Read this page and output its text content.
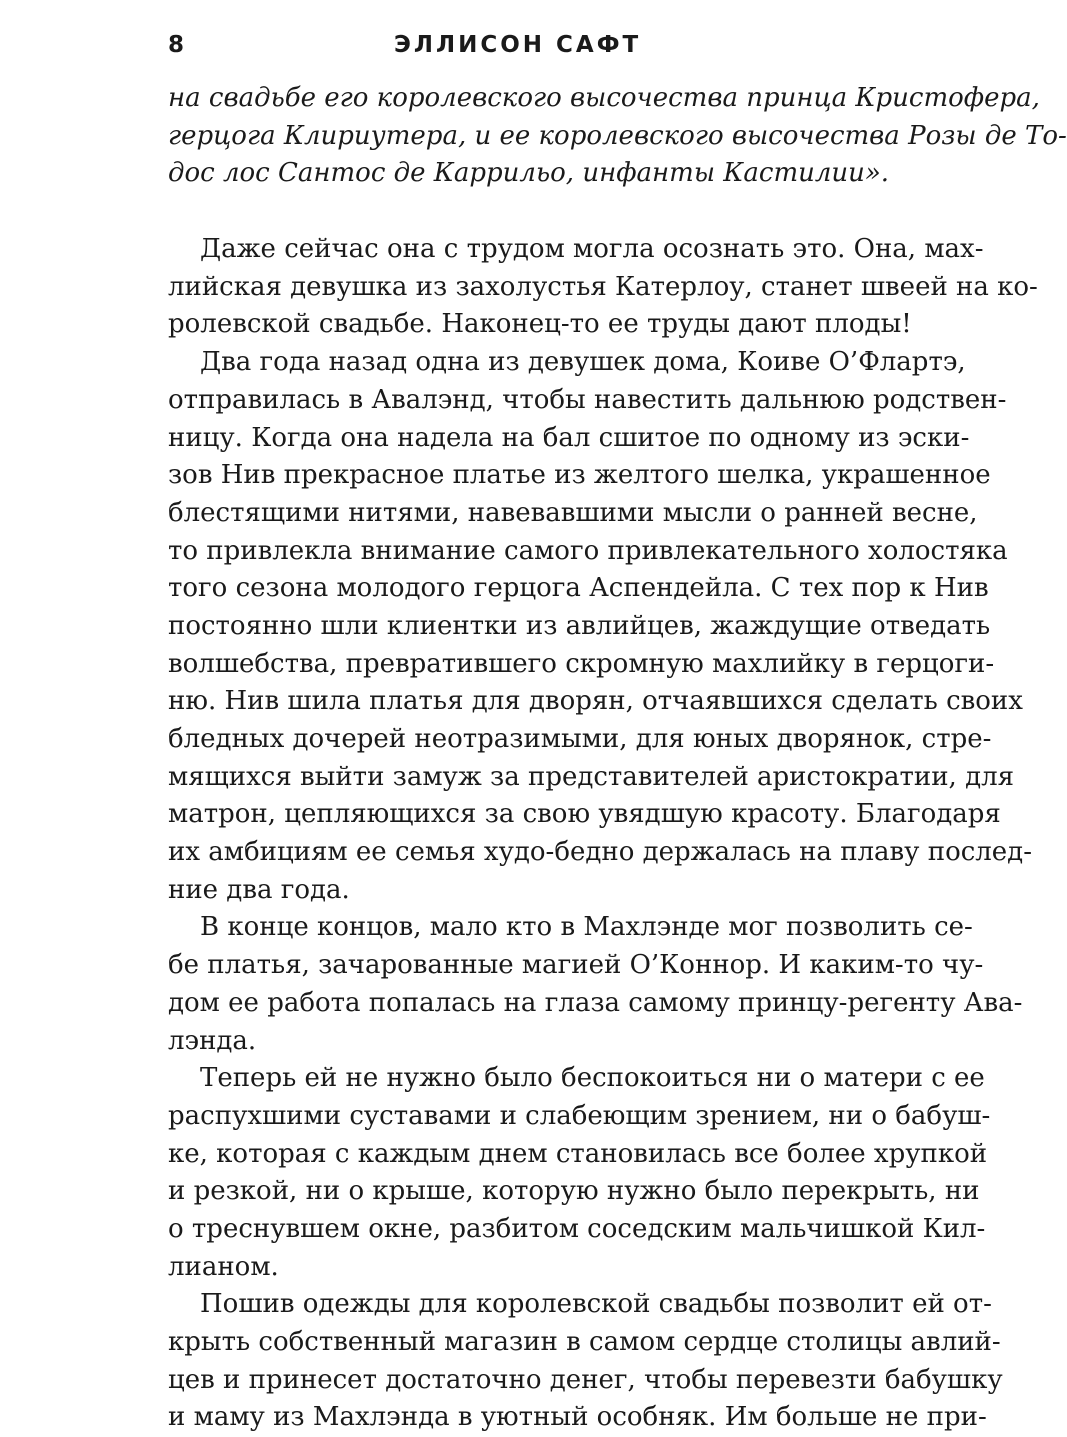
8	ЭЛЛИСОН САФТ
на свадьбе его королевского высочества принца Кристофера,
герцога Клириутера, и ее королевского высочества Розы де То-
дос лос Сантос де Каррильо, инфанты Кастилии».
Даже сейчас она с трудом могла осознать это. Она, мах-
лийская девушка из захолустья Катерлоу, станет швеей на ко-
ролевской свадьбе. Наконец-то ее труды дают плоды!
Два года назад одна из девушек дома, Коиве О’Флартэ,
отправилась в Авалэнд, чтобы навестить дальнюю родствен-
ницу. Когда она надела на бал сшитое по одному из эски-
зов Нив прекрасное платье из желтого шелка, украшенное
блестящими нитями, навевавшими мысли о ранней весне,
то привлекла внимание самого привлекательного холостяка
того сезона молодого герцога Аспендейла. С тех пор к Нив
постоянно шли клиентки из авлийцев, жаждущие отведать
волшебства, превратившего скромную махлийку в герцоги-
ню. Нив шила платья для дворян, отчаявшихся сделать своих
бледных дочерей неотразимыми, для юных дворянок, стре-
мящихся выйти замуж за представителей аристократии, для
матрон, цепляющихся за свою увядшую красоту. Благодаря
их амбициям ее семья худо-бедно держалась на плаву послед-
ние два года.
В конце концов, мало кто в Махлэнде мог позволить се-
бе платья, зачарованные магией О’Коннор. И каким-то чу-
дом ее работа попалась на глаза самому принцу-регенту Ава-
лэнда.
Теперь ей не нужно было беспокоиться ни о матери с ее
распухшими суставами и слабеющим зрением, ни о бабуш-
ке, которая с каждым днем становилась все более хрупкой
и резкой, ни о крыше, которую нужно было перекрыть, ни
о треснувшем окне, разбитом соседским мальчишкой Кил-
лианом.
Пошив одежды для королевской свадьбы позволит ей от-
крыть собственный магазин в самом сердце столицы авлий-
цев и принесет достаточно денег, чтобы перевезти бабушку
и маму из Махлэнда в уютный особняк. Им больше не при-
